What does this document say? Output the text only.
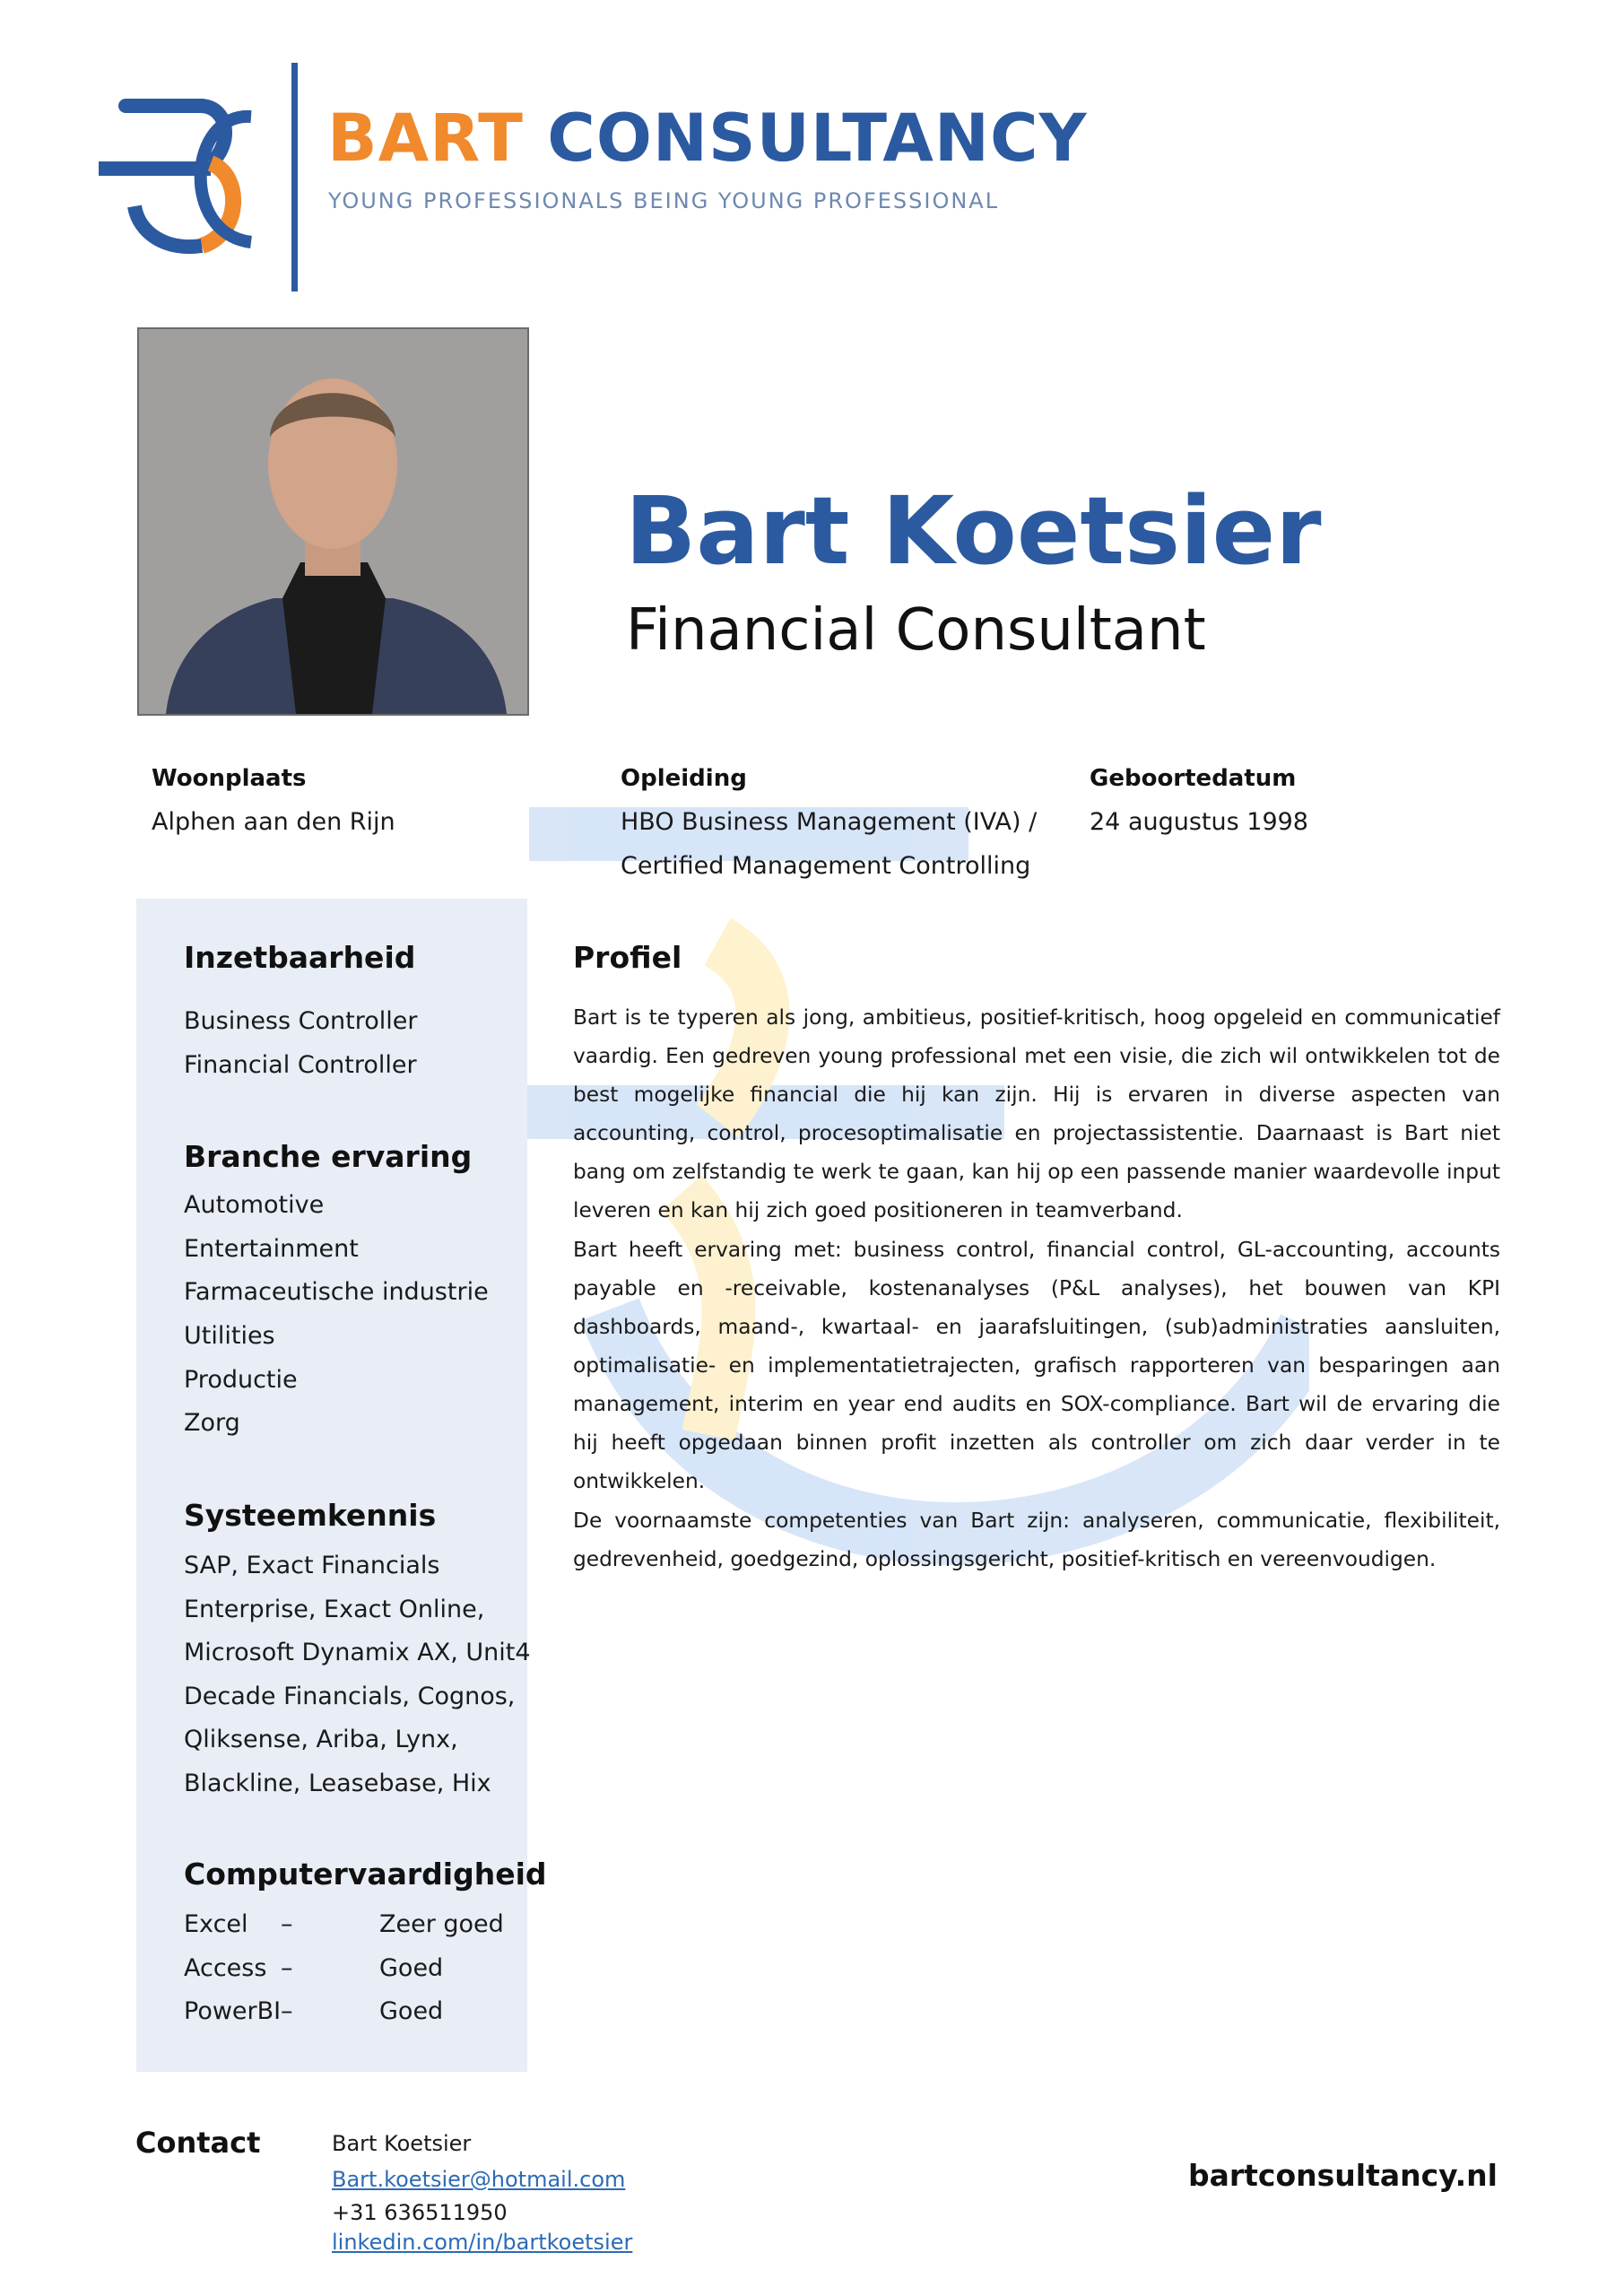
BART CONSULTANCY
YOUNG PROFESSIONALS BEING YOUNG PROFESSIONAL
Bart Koetsier
Financial Consultant
Woonplaats
Alphen aan den Rijn
Opleiding
HBO Business Management (IVA) /
Certified Management Controlling
Geboortedatum
24 augustus 1998
Inzetbaarheid
Business Controller
Financial Controller
Branche ervaring
Automotive
Entertainment
Farmaceutische industrie
Utilities
Productie
Zorg
Systeemkennis
SAP, Exact Financials
Enterprise, Exact Online,
Microsoft Dynamix AX, Unit4
Decade Financials, Cognos,
Qliksense, Ariba, Lynx,
Blackline, Leasebase, Hix
Computervaardigheid
Excel –	Zeer goed
Access –	Goed
PowerBI –	Goed
Profiel

Bart is te typeren als jong, ambitieus, positief-kritisch, hoog opgeleid en communicatief vaardig. Een gedreven young professional met een visie, die zich wil ontwikkelen tot de best mogelijke financial die hij kan zijn. Hij is ervaren in diverse aspecten van accounting, control, procesoptimalisatie en projectassistentie. Daarnaast is Bart niet bang om zelfstandig te werk te gaan, kan hij op een passende manier waardevolle input leveren en kan hij zich goed positioneren in teamverband.

Bart heeft ervaring met: business control, financial control, GL-accounting, accounts payable en -receivable, kostenanalyses (P&L analyses), het bouwen van KPI dashboards, maand-, kwartaal- en jaarafsluitingen, (sub)administraties aansluiten, optimalisatie- en implementatietrajecten, grafisch rapporteren van besparingen aan management, interim en year end audits en SOX-compliance. Bart wil de ervaring die hij heeft opgedaan binnen profit inzetten als controller om zich daar verder in te ontwikkelen.

De voornaamste competenties van Bart zijn: analyseren, communicatie, flexibiliteit, gedrevenheid, goedgezind, oplossingsgericht, positief-kritisch en vereenvoudigen.

Contact	Bart Koetsier
Bart.koetsier@hotmail.com
+31 636511950
linkedin.com/in/bartkoetsier
bartconsultancy.nl
